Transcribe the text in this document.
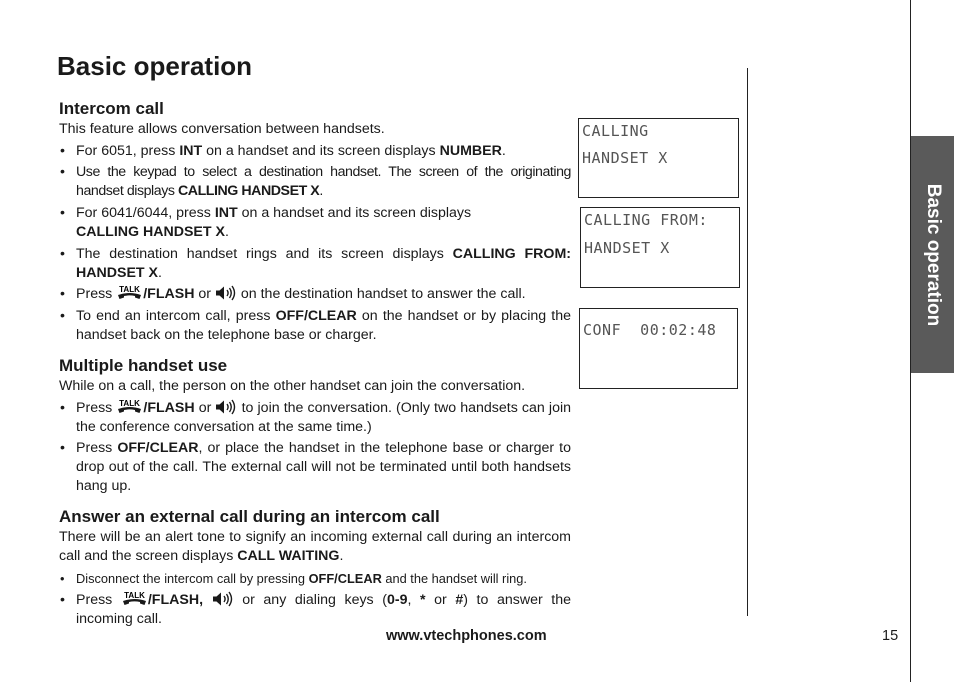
Basic operation
Intercom call

This feature allows conversation between handsets.

• For 6051, press INT on a handset and its screen displays NUMBER.
• Use the keypad to select a destination handset. The screen of the originating handset displays CALLING HANDSET X.
• For 6041/6044, press INT on a handset and its screen displays CALLING HANDSET X.
• The destination handset rings and its screen displays CALLING FROM: HANDSET X.
• Press /FLASH or  on the destination handset to answer the call.
• To end an intercom call, press OFF/CLEAR on the handset or by placing the handset back on the telephone base or charger.
Multiple handset use

While on a call, the person on the other handset can join the conversation.

• Press /FLASH or  to join the conversation. (Only two handsets can join the conference conversation at the same time.)
• Press OFF/CLEAR, or place the handset in the telephone base or charger to drop out of the call. The external call will not be terminated until both handsets hang up.
Answer an external call during an intercom call

There will be an alert tone to signify an incoming external call during an intercom call and the screen displays CALL WAITING.

• Disconnect the intercom call by pressing OFF/CLEAR and the handset will ring.
• Press /FLASH,  or any dialing keys (0-9, * or #) to answer the incoming call.
CALLING
HANDSET X
CALLING FROM:
HANDSET X
CONF  00:02:48
Basic operation
www.vtechphones.com	15
